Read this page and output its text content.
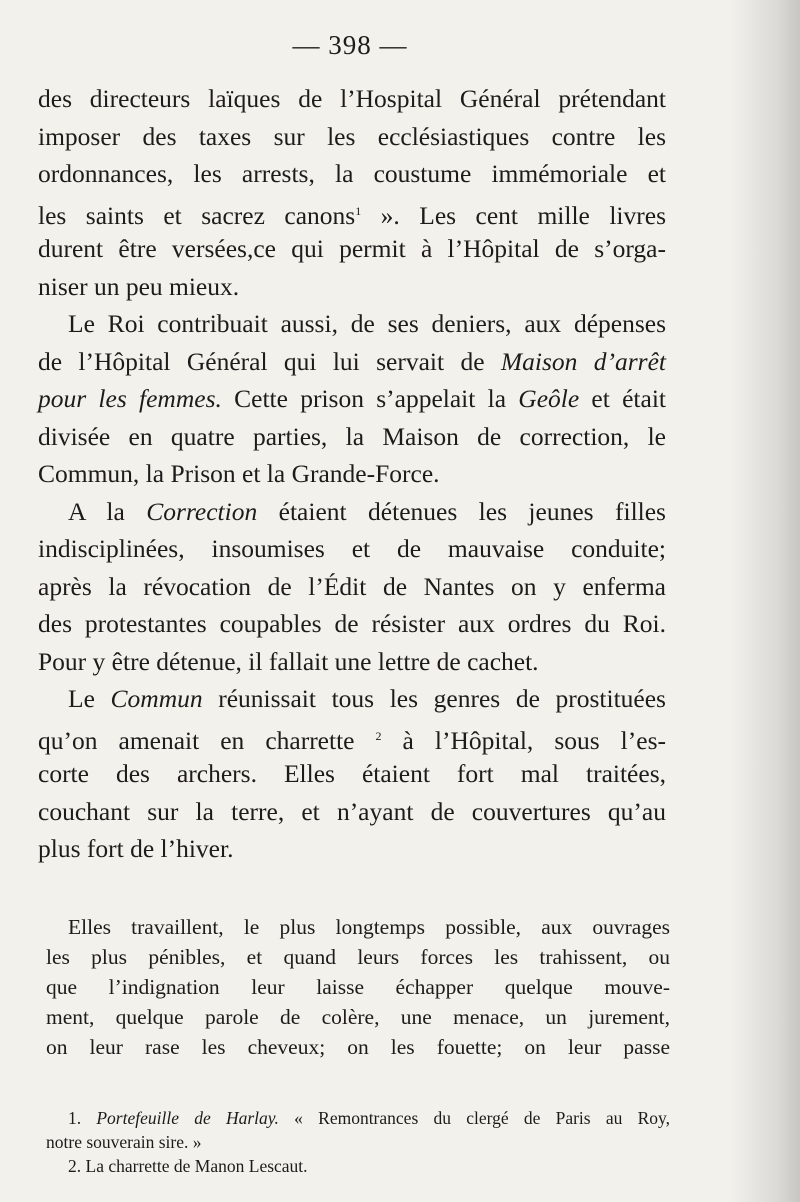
— 398 —
des directeurs laïques de l’Hospital Général prétendant
imposer des taxes sur les ecclésiastiques contre les
ordonnances, les arrests, la coustume immémoriale et
les saints et sacrez canons$^1$ ». Les cent mille livres
durent être versées,ce qui permit à l’Hôpital de s’orga-
niser un peu mieux.
Le Roi contribuait aussi, de ses deniers, aux dépenses
de l’Hôpital Général qui lui servait de Maison d’arrêt
pour les femmes. Cette prison s’appelait la Geôle et était
divisée en quatre parties, la Maison de correction, le
Commun, la Prison et la Grande-Force.
A la Correction étaient détenues les jeunes filles
indisciplinées, insoumises et de mauvaise conduite;
après la révocation de l’Édit de Nantes on y enferma
des protestantes coupables de résister aux ordres du Roi.
Pour y être détenue, il fallait une lettre de cachet.
Le Commun réunissait tous les genres de prostituées
qu’on amenait en charrette $^2$ à l’Hôpital, sous l’es-
corte des archers. Elles étaient fort mal traitées,
couchant sur la terre, et n’ayant de couvertures qu’au
plus fort de l’hiver.
Elles travaillent, le plus longtemps possible, aux ouvrages
les plus pénibles, et quand leurs forces les trahissent, ou
que l’indignation leur laisse échapper quelque mouve-
ment, quelque parole de colère, une menace, un jurement,
on leur rase les cheveux; on les fouette; on leur passe
1. Portefeuille de Harlay. « Remontrances du clergé de Paris au Roy,
notre souverain sire. »
2. La charrette de Manon Lescaut.
